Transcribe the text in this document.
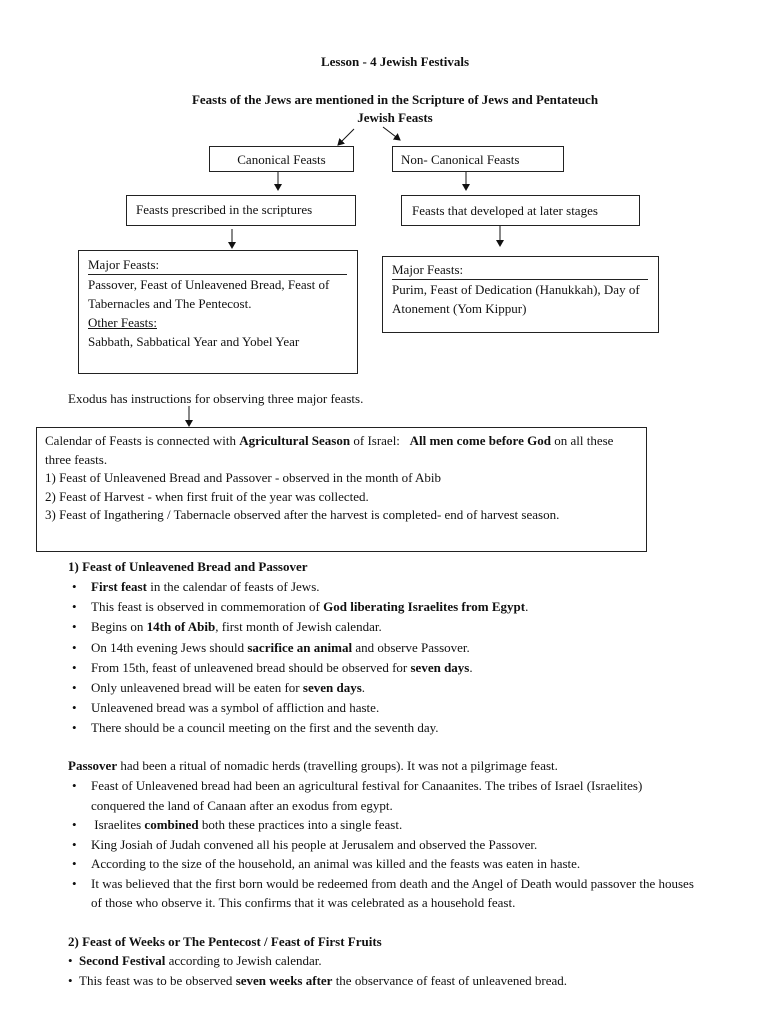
Lesson - 4 Jewish Festivals
Feasts of the Jews are mentioned in the Scripture of Jews and Pentateuch
Jewish Feasts
Canonical Feasts	Non- Canonical Feasts
Feasts prescribed in the scriptures	Feasts that developed at later stages
Major Feasts:
Passover, Feast of Unleavened Bread, Feast of Tabernacles and The Pentecost.
Other Feasts:
Sabbath, Sabbatical Year and Yobel Year
Major Feasts:
Purim, Feast of Dedication (Hanukkah), Day of Atonement (Yom Kippur)
Exodus has instructions for observing three major feasts.
Calendar of Feasts is connected with Agricultural Season of Israel:   All men come before God on all these three feasts.
1) Feast of Unleavened Bread and Passover - observed in the month of Abib
2) Feast of Harvest - when first fruit of the year was collected.
3) Feast of Ingathering / Tabernacle observed after the harvest is completed- end of harvest season.
1) Feast of Unleavened Bread and Passover
• First feast in the calendar of feasts of Jews.
• This feast is observed in commemoration of God liberating Israelites from Egypt.
• Begins on 14th of Abib, first month of Jewish calendar.
• On 14th evening Jews should sacrifice an animal and observe Passover.
• From 15th, feast of unleavened bread should be observed for seven days.
• Only unleavened bread will be eaten for seven days.
• Unleavened bread was a symbol of affliction and haste.
• There should be a council meeting on the first and the seventh day.
Passover had been a ritual of nomadic herds (travelling groups). It was not a pilgrimage feast.
• Feast of Unleavened bread had been an agricultural festival for Canaanites. The tribes of Israel (Israelites) conquered the land of Canaan after an exodus from egypt.
•  Israelites combined both these practices into a single feast.
• King Josiah of Judah convened all his people at Jerusalem and observed the Passover.
• According to the size of the household, an animal was killed and the feasts was eaten in haste.
• It was believed that the first born would be redeemed from death and the Angel of Death would passover the houses of those who observe it. This confirms that it was celebrated as a household feast.
2) Feast of Weeks or The Pentecost / Feast of First Fruits
• Second Festival according to Jewish calendar.
• This feast was to be observed seven weeks after the observance of feast of unleavened bread.
